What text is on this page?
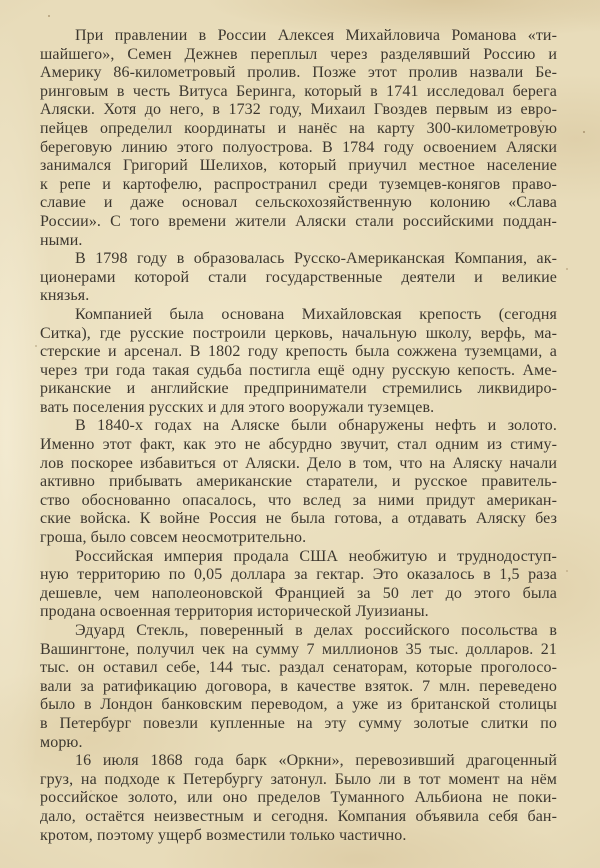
При правлении в России Алексея Михайловича Романова «ти-
шайшего», Семен Дежнев переплыл через разделявший Россию и
Америку 86-километровый пролив. Позже этот пролив назвали Бе-
ринговым в честь Витуса Беринга, который в 1741 исследовал берега
Аляски. Хотя до него, в 1732 году, Михаил Гвоздев первым из евро-
пейцев определил координаты и нанёс на карту 300-километровую
береговую линию этого полуострова. В 1784 году освоением Аляски
занимался Григорий Шелихов, который приучил местное население
к репе и картофелю, распространил среди туземцев-конягов право-
славие и даже основал сельскохозяйственную колонию «Слава
России». С того времени жители Аляски стали российскими поддан-
ными.
В 1798 году в образовалась Русско-Американская Компания, ак-
ционерами которой стали государственные деятели и великие
князья.
Компанией была основана Михайловская крепость (сегодня
Ситка), где русские построили церковь, начальную школу, верфь, ма-
стерские и арсенал. В 1802 году крепость была сожжена туземцами, а
через три года такая судьба постигла ещё одну русскую кепость. Аме-
риканские и английские предприниматели стремились ликвидиро-
вать поселения русских и для этого вооружали туземцев.
В 1840-х годах на Аляске были обнаружены нефть и золото.
Именно этот факт, как это не абсурдно звучит, стал одним из стиму-
лов поскорее избавиться от Аляски. Дело в том, что на Аляску начали
активно прибывать американские старатели, и русское правитель-
ство обоснованно опасалось, что вслед за ними придут американ-
ские войска. К войне Россия не была готова, а отдавать Аляску без
гроша, было совсем неосмотрительно.
Российская империя продала США необжитую и труднодоступ-
ную территорию по 0,05 доллара за гектар. Это оказалось в 1,5 раза
дешевле, чем наполеоновской Францией за 50 лет до этого была
продана освоенная территория исторической Луизианы.
Эдуард Стекль, поверенный в делах российского посольства в
Вашингтоне, получил чек на сумму 7 миллионов 35 тыс. долларов. 21
тыс. он оставил себе, 144 тыс. раздал сенаторам, которые проголосо-
вали за ратификацию договора, в качестве взяток. 7 млн. переведено
было в Лондон банковским переводом, а уже из британской столицы
в Петербург повезли купленные на эту сумму золотые слитки по
морю.
16 июля 1868 года барк «Оркни», перевозивший драгоценный
груз, на подходе к Петербургу затонул. Было ли в тот момент на нём
российское золото, или оно пределов Туманного Альбиона не поки-
дало, остаётся неизвестным и сегодня. Компания объявила себя бан-
кротом, поэтому ущерб возместили только частично.
